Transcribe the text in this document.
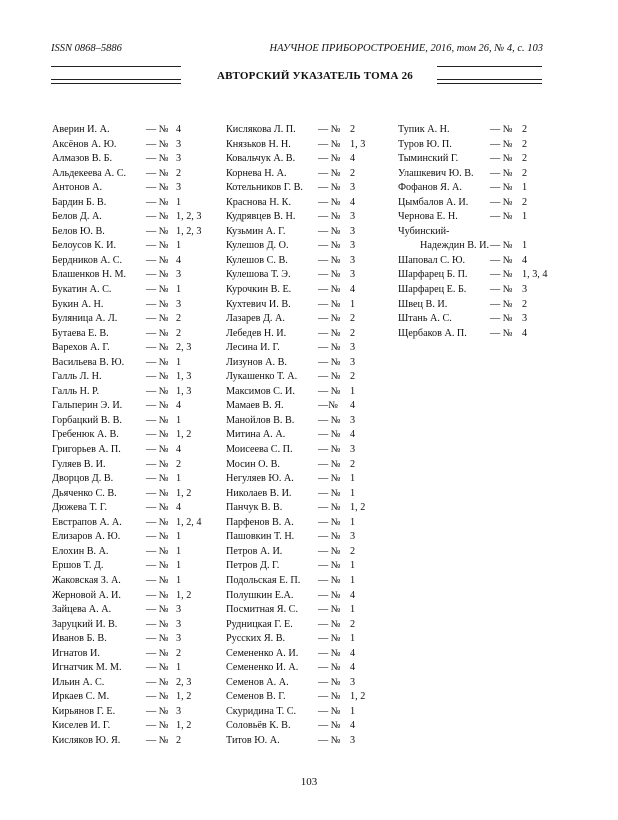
ISSN 0868–5886	НАУЧНОЕ ПРИБОРОСТРОЕНИЕ, 2016, том 26, № 4, c. 103
АВТОРСКИЙ УКАЗАТЕЛЬ ТОМА 26
Аверин И. А.	— № 4
Аксёнов А. Ю.	— № 3
Алмазов В. Б.	— № 3
Альдекеева А. С. — № 2
Антонов А.	— № 3
Бардин Б. В.	— № 1
Белов Д. А.	— № 1, 2, 3
Белов Ю. В.	— № 1, 2, 3
Белоусов К. И.	— № 1
Бердников А. С. — № 4
Блашенков Н. М. — № 3
Букатин А. С.	— № 1
Букин А. Н.	— № 3
Буляница А. Л.	— № 2
Бутаева Е. В.	— № 2
Варехов А. Г.	— № 2, 3
Васильева В. Ю. — № 1
Галль Л. Н.	— № 1, 3
Галль Н. Р.	— № 1, 3
Гальперин Э. И. — № 4
Горбацкий В. В. — № 1
Гребенюк А. В.	— № 1, 2
Григорьев А. П. — № 4
Гуляев В. И.	— № 2
Дворцов Д. В.	— № 1
Дьяченко С. В.	— № 1, 2
Дюжева Т. Г.	— № 4
Евстрапов А. А. — № 1, 2, 4
Елизаров А. Ю.	— № 1
Елохин В. А.	— № 1
Ершов Т. Д.	— № 1
Жаковская З. А. — № 1
Жерновой А. И. — № 1, 2
Зайцева А. А.	— № 3
Заруцкий И. В.	— № 3
Иванов Б. В.	— № 3
Игнатов И.	— № 2
Игнатчик М. М. — № 1
Ильин А. С.	— № 2, 3
Иркаев С. М.	— № 1, 2
Кирьянов Г. Е.	— № 3
Киселев И. Г.	— № 1, 2
Кисляков Ю. Я.	— № 2
Кислякова Л. П. — № 2
Князьков Н. Н.	— № 1, 3
Ковальчук А. В. — № 4
Корнева Н. А.	— № 2
Котельников Г. В. — № 3
Краснова Н. К.	— № 4
Кудрявцев В. Н. — № 3
Кузьмин А. Г.	— № 3
Кулешов Д. О.	— № 3
Кулешов С. В.	— № 3
Кулешова Т. Э.	— № 3
Курочкин В. Е.	— № 4
Кухтевич И. В.	— № 1
Лазарев Д. А.	— № 2
Лебедев Н. И.	— № 2
Лесина И. Г.	— № 3
Лизунов А. В.	— № 3
Лукашенко Т. А. — № 2
Максимов С. И. — № 1
Мамаев В. Я.	—№ 4
Манойлов В. В. — № 3
Митина А. А.	— № 4
Моисеева С. П. — № 3
Мосин О. В.	— № 2
Негуляев Ю. А. — № 1
Николаев В. И.	— № 1
Панчук В. В.	— № 1, 2
Парфенов В. А. — № 1
Пашовкин Т. Н. — № 3
Петров А. И.	— № 2
Петров Д. Г.	— № 1
Подольская Е. П. — № 1
Полушкин Е.А. — № 4
Посмитная Я. С. — № 1
Рудницкая Г. Е. — № 2
Русских Я. В.	— № 1
Семененко А. И. — № 4
Семененко И. А. — № 4
Семенов А. А.	— № 3
Семенов В. Г.	— № 1, 2
Скуридина Т. С. — № 1
Соловьёв К. В.	— № 4
Титов Ю. А.	— № 3
Тупик А. Н.	— № 2
Туров Ю. П.	— № 2
Тыминский Г.	— № 2
Улашкевич Ю. В. — № 2
Фофанов Я. А.	— № 1
Цымбалов А. И. — № 2
Чернова Е. Н.	— № 1
Чубинский-
Надеждин В. И. — № 1
Шаповал С. Ю. — № 4
Шарфарец Б. П. — № 1, 3, 4
Шарфарец Е. Б. — № 3
Швец В. И.	— № 2
Штань А. С.	— № 3
Щербаков А. П. — № 4
103
